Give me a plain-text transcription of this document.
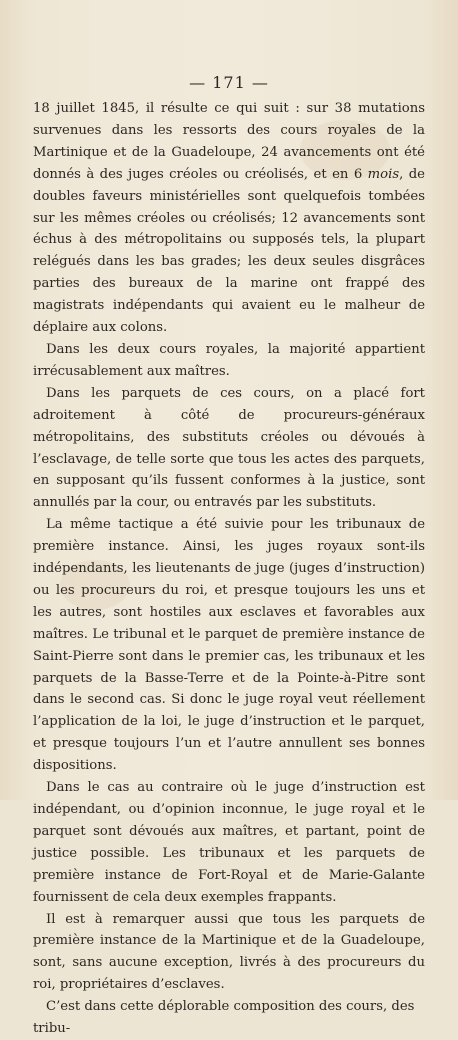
— 171 —

18 juillet 1845, il résulte ce qui suit : sur 38 mutations survenues dans les ressorts des cours royales de la Martinique et de la Guadeloupe, 24 avancements ont été donnés à des juges créoles ou créolisés, et en 6 mois, de doubles faveurs ministérielles sont quelquefois tombées sur les mêmes créoles ou créolisés; 12 avancements sont échus à des métropolitains ou supposés tels, la plupart relégués dans les bas grades; les deux seules disgrâces parties des bureaux de la marine ont frappé des magistrats indépendants qui avaient eu le malheur de déplaire aux colons.

Dans les deux cours royales, la majorité appartient irrécusablement aux maîtres.

Dans les parquets de ces cours, on a placé fort adroitement à côté de procureurs-généraux métropolitains, des substituts créoles ou dévoués à l’esclavage, de telle sorte que tous les actes des parquets, en supposant qu’ils fussent conformes à la justice, sont annullés par la cour, ou entravés par les substituts.

La même tactique a été suivie pour les tribunaux de première instance. Ainsi, les juges royaux sont-ils indépendants, les lieutenants de juge (juges d’instruction) ou les procureurs du roi, et presque toujours les uns et les autres, sont hostiles aux esclaves et favorables aux maîtres. Le tribunal et le parquet de première instance de Saint-Pierre sont dans le premier cas, les tribunaux et les parquets de la Basse-Terre et de la Pointe-à-Pitre sont dans le second cas. Si donc le juge royal veut réellement l’application de la loi, le juge d’instruction et le parquet, et presque toujours l’un et l’autre annullent ses bonnes dispositions.

Dans le cas au contraire où le juge d’instruction est indépendant, ou d’opinion inconnue, le juge royal et le parquet sont dévoués aux maîtres, et partant, point de justice possible. Les tribunaux et les parquets de première instance de Fort-Royal et de Marie-Galante fournissent de cela deux exemples frappants.

Il est à remarquer aussi que tous les parquets de première instance de la Martinique et de la Guadeloupe, sont, sans aucune exception, livrés à des procureurs du roi, propriétaires d’esclaves.

C’est dans cette déplorable composition des cours, des tribu-
